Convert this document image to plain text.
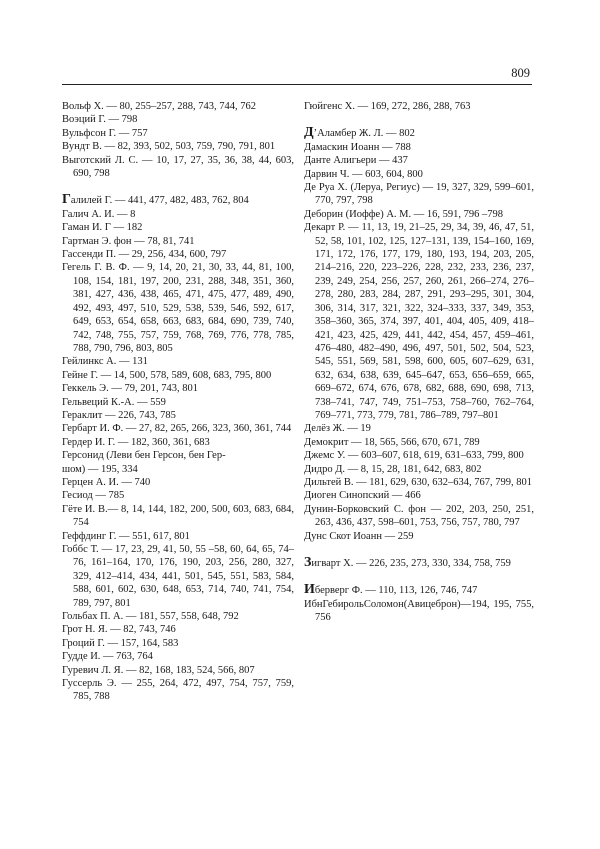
809

Вольф Х. — 80, 255–257, 288, 743, 744, 762

Воэций Г. — 798

Вульфсон Г. — 757

Вундт В. — 82, 393, 502, 503, 759, 790, 791, 801

Выготский Л. С. — 10, 17, 27, 35, 36, 38, 44, 603, 690, 798

Галилей Г. — 441, 477, 482, 483, 762, 804

Галич А. И. — 8

Гаман И. Г — 182

Гартман Э. фон — 78, 81, 741

Гассенди П. — 29, 256, 434, 600, 797

Гегель Г. В. Ф. — 9, 14, 20, 21, 30, 33, 44, 81, 100, 108, 154, 181, 197, 200, 231, 288, 348, 351, 360, 381, 427, 436, 438, 465, 471, 475, 477, 489, 490, 492, 493, 497, 510, 529, 538, 539, 546, 592, 617, 649, 653, 654, 658, 663, 683, 684, 690, 739, 740, 742, 748, 755, 757, 759, 768, 769, 776, 778, 785, 788, 790, 796, 803, 805

Гейлинкс А. — 131

Гейне Г. — 14, 500, 578, 589, 608, 683, 795, 800

Геккель Э. — 79, 201, 743, 801

Гельвеций К.-А. — 559

Гераклит — 226, 743, 785

Гербарт И. Ф. — 27, 82, 265, 266, 323, 360, 361, 744

Гердер И. Г. — 182, 360, 361, 683

Герсонид (Леви бен Герсон, бен Гер-
шом) — 195, 334

Герцен А. И. — 740

Гесиод — 785

Гёте И. В.— 8, 14, 144, 182, 200, 500, 603, 683, 684, 754

Геффдинг Г. — 551, 617, 801

Гоббс Т. — 17, 23, 29, 41, 50, 55 –58, 60, 64, 65, 74–76, 161–164, 170, 176, 190, 203, 256, 280, 327, 329, 412–414, 434, 441, 501, 545, 551, 583, 584, 588, 601, 602, 630, 648, 653, 714, 740, 741, 754, 789, 797, 801

Гольбах П. А. — 181, 557, 558, 648, 792

Грот Н. Я. — 82, 743, 746

Гроций Г. — 157, 164, 583

Гудде И. — 763, 764

Гуревич Л. Я. — 82, 168, 183, 524, 566, 807

Гуссерль Э. — 255, 264, 472, 497, 754, 757, 759, 785, 788

Гюйгенс Х. — 169, 272, 286, 288, 763

Д’Аламбер Ж. Л. — 802

Дамаскин Иоанн — 788

Данте Алигьери — 437

Дарвин Ч. — 603, 604, 800

Де Руа Х. (Леруа, Региус) — 19, 327, 329, 599–601, 770, 797, 798

Деборин (Иоффе) А. М. — 16, 591, 796 –798

Декарт Р. — 11, 13, 19, 21–25, 29, 34, 39, 46, 47, 51, 52, 58, 101, 102, 125, 127–131, 139, 154–160, 169, 171, 172, 176, 177, 179, 180, 193, 194, 203, 205, 214–216, 220, 223–226, 228, 232, 233, 236, 237, 239, 249, 254, 256, 257, 260, 261, 266–274, 276–278, 280, 283, 284, 287, 291, 293–295, 301, 304, 306, 314, 317, 321, 322, 324–333, 337, 349, 353, 358–360, 365, 374, 397, 401, 404, 405, 409, 418–421, 423, 425, 429, 441, 442, 454, 457, 459–461, 476–480, 482–490, 496, 497, 501, 502, 504, 523, 545, 551, 569, 581, 598, 600, 605, 607–629, 631, 632, 634, 638, 639, 645–647, 653, 656–659, 665, 669–672, 674, 676, 678, 682, 688, 690, 698, 713, 738–741, 747, 749, 751–753, 758–760, 762–764, 769–771, 773, 779, 781, 786–789, 797–801

Делёз Ж. — 19

Демокрит — 18, 565, 566, 670, 671, 789

Джемс У. — 603–607, 618, 619, 631–633, 799, 800

Дидро Д. — 8, 15, 28, 181, 642, 683, 802

Дильтей В. — 181, 629, 630, 632–634, 767, 799, 801

Диоген Синопский — 466

Дунин-Борковский С. фон — 202, 203, 250, 251, 263, 436, 437, 598–601, 753, 756, 757, 780, 797

Дунс Скот Иоанн — 259

Зигварт Х. — 226, 235, 273, 330, 334, 758, 759

Иберверг Ф. — 110, 113, 126, 746, 747

ИбнГебирольСоломон(Авицеброн)—194, 195, 755, 756
